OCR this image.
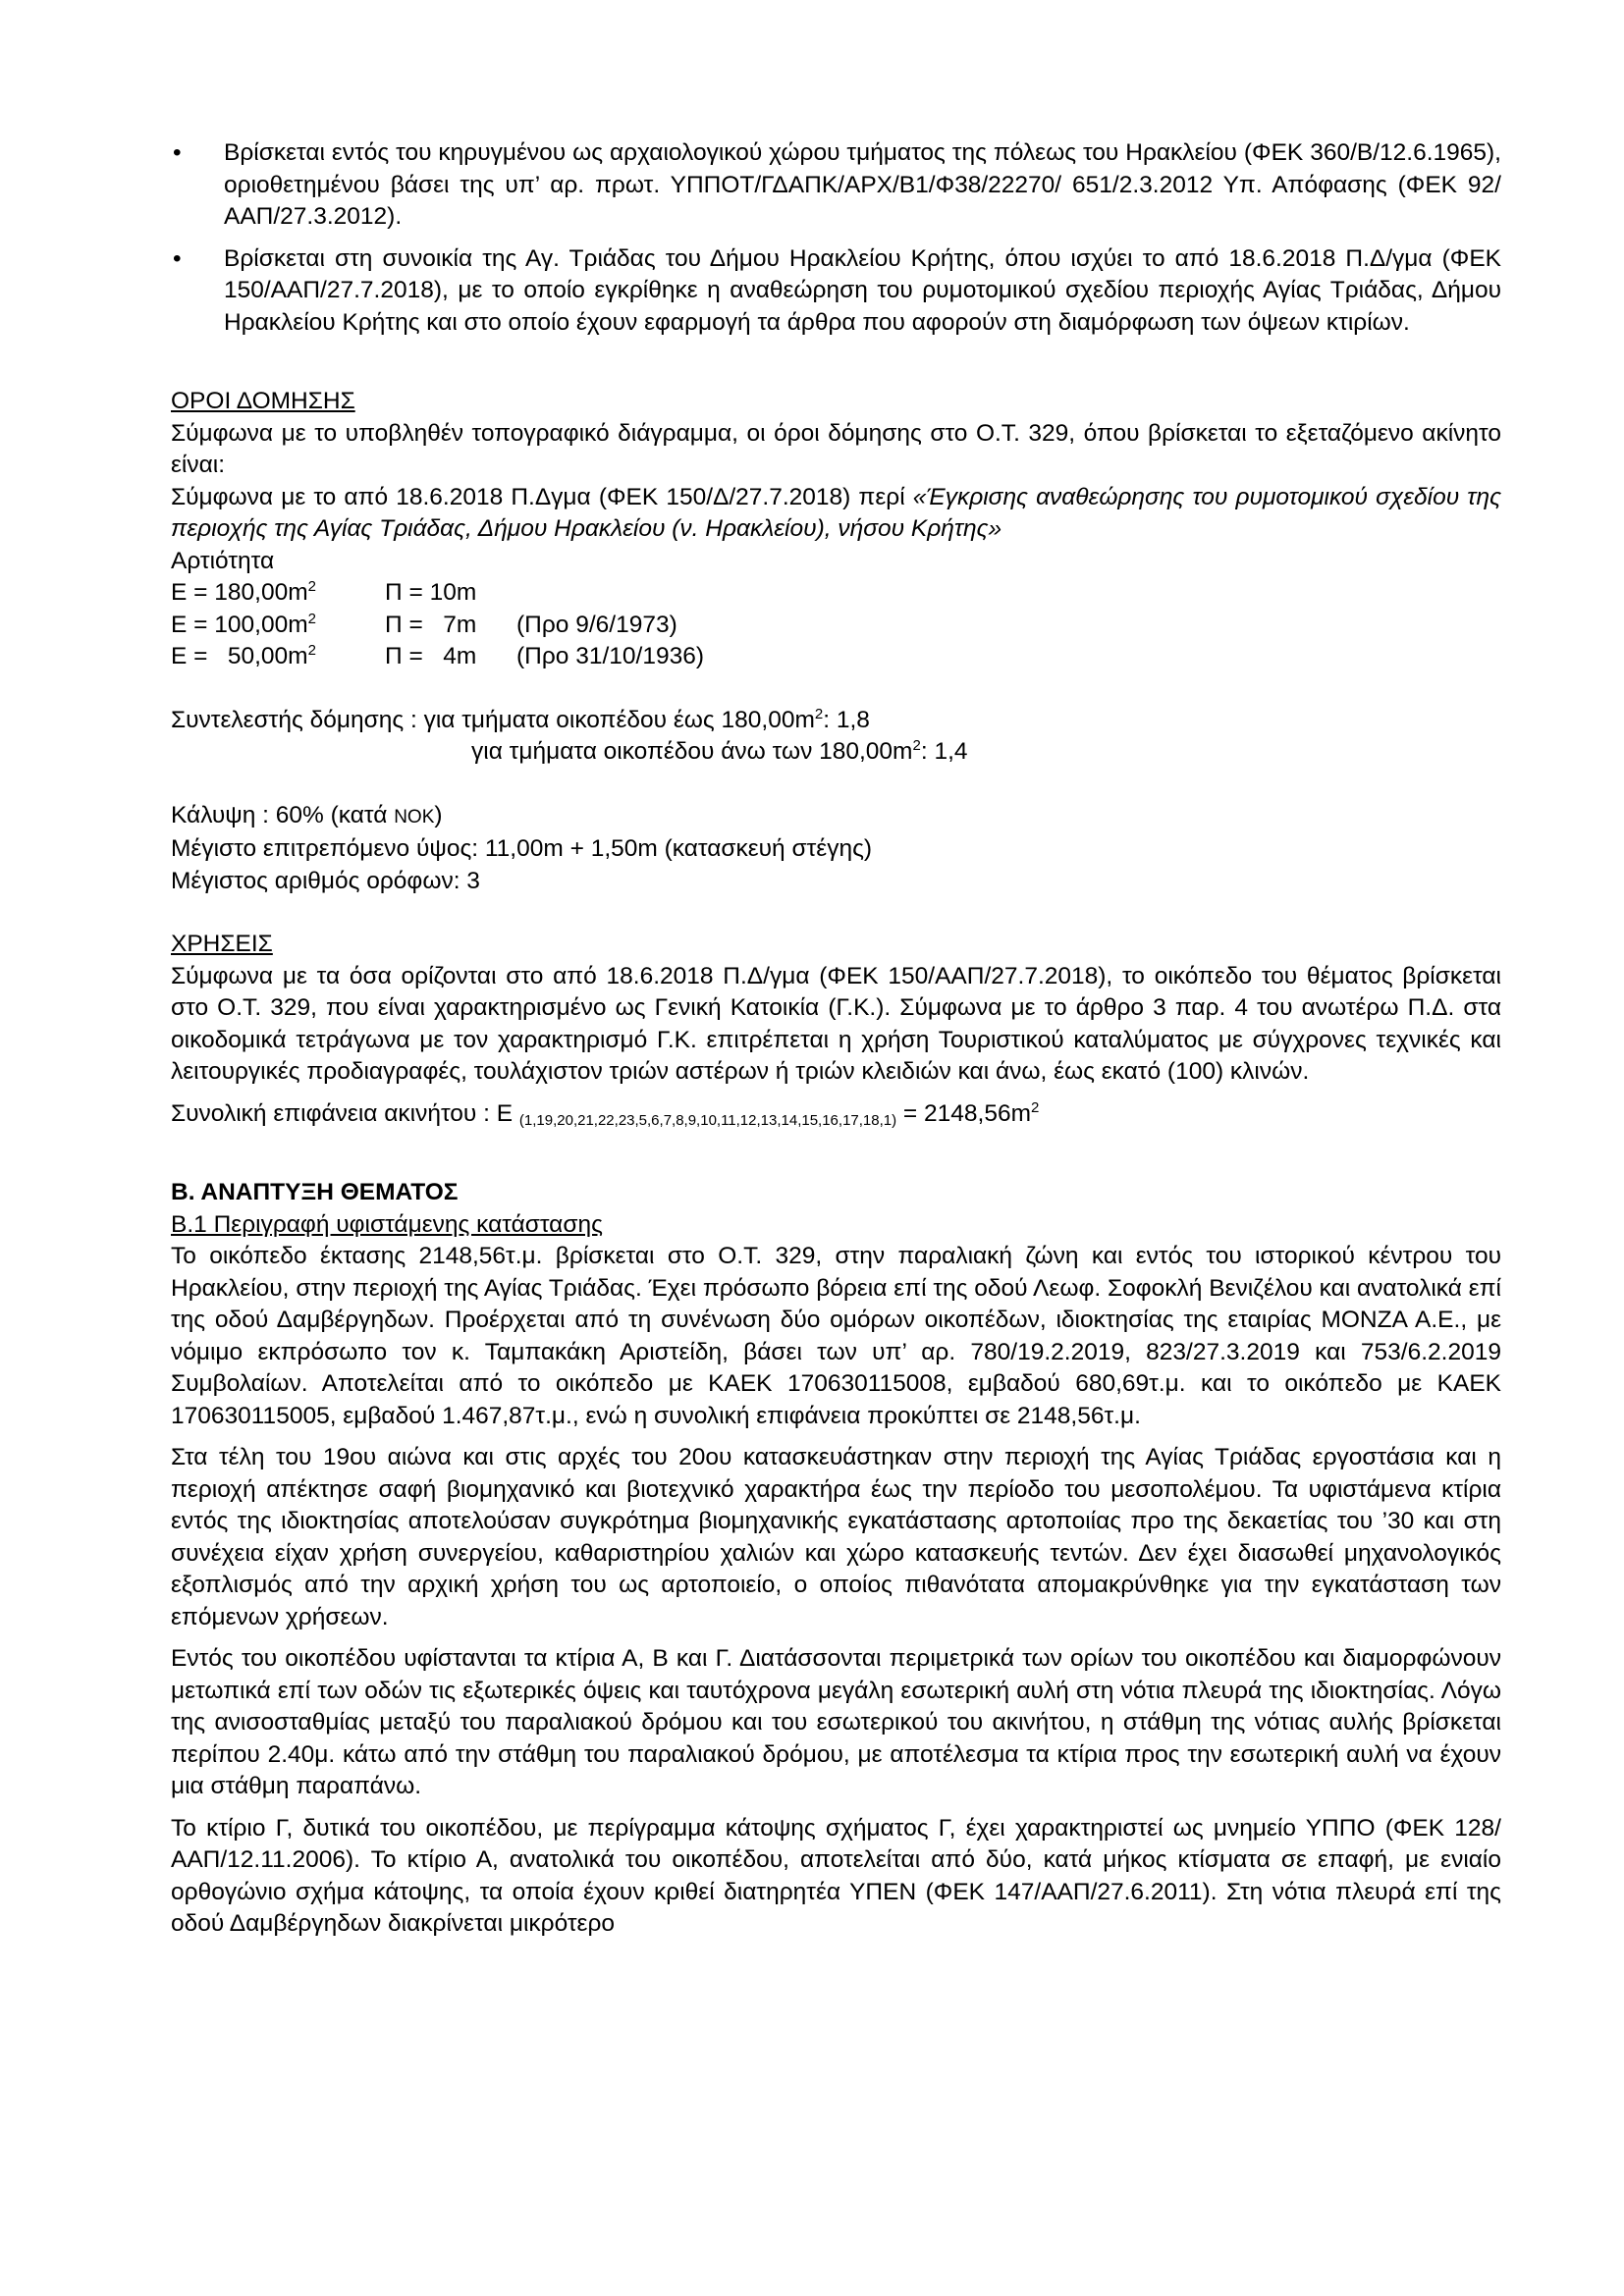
•	Βρίσκεται εντός του κηρυγμένου ως αρχαιολογικού χώρου τμήματος της πόλεως του Ηρακλείου (ΦΕΚ 360/Β/12.6.1965), οριοθετημένου βάσει της υπ’ αρ. πρωτ. ΥΠΠΟΤ/ΓΔΑΠΚ/ΑΡΧ/Β1/Φ38/22270/ 651/2.3.2012 Υπ. Απόφασης (ΦΕΚ 92/ΑΑΠ/27.3.2012).

•	Βρίσκεται στη συνοικία της Αγ. Τριάδας του Δήμου Ηρακλείου Κρήτης, όπου ισχύει το από 18.6.2018 Π.Δ/γμα (ΦΕΚ 150/ΑΑΠ/27.7.2018), με το οποίο εγκρίθηκε η αναθεώρηση του ρυμοτομικού σχεδίου περιοχής Αγίας Τριάδας, Δήμου Ηρακλείου Κρήτης και στο οποίο έχουν εφαρμογή τα άρθρα που αφορούν στη διαμόρφωση των όψεων κτιρίων.

ΟΡΟΙ ΔΟΜΗΣΗΣ

Σύμφωνα με το υποβληθέν τοπογραφικό διάγραμμα, οι όροι δόμησης στο Ο.Τ. 329, όπου βρίσκεται το εξεταζόμενο ακίνητο είναι:

Σύμφωνα με το από 18.6.2018 Π.Δγμα (ΦΕΚ 150/Δ/27.7.2018) περί «Έγκρισης αναθεώρησης του ρυμοτομικού σχεδίου της περιοχής της Αγίας Τριάδας, Δήμου Ηρακλείου (ν. Ηρακλείου), νήσου Κρήτης»

Αρτιότητα

$E = 180,00m^2$	Π = 10m
$E = 100,00m^2$	Π =   7m (Προ 9/6/1973)
$E = 50,00m^2$	Π =   4m (Προ 31/10/1936)

Συντελεστής δόμησης : για τμήματα οικοπέδου έως $180,00m^2$: 1,8

για τμήματα οικοπέδου άνω των $180,00m^2$: 1,4

Κάλυψη : 60% (κατά ΝΟΚ)

Μέγιστο επιτρεπόμενο ύψος: 11,00m + 1,50m (κατασκευή στέγης)

Μέγιστος αριθμός ορόφων: 3

ΧΡΗΣΕΙΣ

Σύμφωνα με τα όσα ορίζονται στο από 18.6.2018 Π.Δ/γμα (ΦΕΚ 150/ΑΑΠ/27.7.2018), το οικόπεδο του θέματος βρίσκεται στο Ο.Τ. 329, που είναι χαρακτηρισμένο ως Γενική Κατοικία (Γ.Κ.). Σύμφωνα με το άρθρο 3 παρ. 4 του ανωτέρω Π.Δ. στα οικοδομικά τετράγωνα με τον χαρακτηρισμό Γ.Κ. επιτρέπεται η χρήση Τουριστικού καταλύματος με σύγχρονες τεχνικές και λειτουργικές προδιαγραφές, τουλάχιστον τριών αστέρων ή τριών κλειδιών και άνω, έως εκατό (100) κλινών.

Συνολική επιφάνεια ακινήτου : Ε $_{(1,19,20,21,22,23,5,6,7,8,9,10,11,12,13,14,15,16,17,18,1)} = 2148,56m^2$

Β. ΑΝΑΠΤΥΞΗ ΘΕΜΑΤΟΣ

Β.1 Περιγραφή υφιστάμενης κατάστασης

Το οικόπεδο έκτασης 2148,56τ.μ. βρίσκεται στο Ο.Τ. 329, στην παραλιακή ζώνη και εντός του ιστορικού κέντρου του Ηρακλείου, στην περιοχή της Αγίας Τριάδας. Έχει πρόσωπο βόρεια επί της οδού Λεωφ. Σοφοκλή Βενιζέλου και ανατολικά επί της οδού Δαμβέργηδων. Προέρχεται από τη συνένωση δύο ομόρων οικοπέδων, ιδιοκτησίας της εταιρίας ΜΟΝΖΑ Α.Ε., με νόμιμο εκπρόσωπο τον κ. Ταμπακάκη Αριστείδη, βάσει των υπ’ αρ. 780/19.2.2019, 823/27.3.2019 και 753/6.2.2019 Συμβολαίων. Αποτελείται από το οικόπεδο με ΚΑΕΚ 170630115008, εμβαδού 680,69τ.μ. και το οικόπεδο με ΚΑΕΚ 170630115005, εμβαδού 1.467,87τ.μ., ενώ η συνολική επιφάνεια προκύπτει σε 2148,56τ.μ.

Στα τέλη του 19ου αιώνα και στις αρχές του 20ου κατασκευάστηκαν στην περιοχή της Αγίας Τριάδας εργοστάσια και η περιοχή απέκτησε σαφή βιομηχανικό και βιοτεχνικό χαρακτήρα έως την περίοδο του μεσοπολέμου. Τα υφιστάμενα κτίρια εντός της ιδιοκτησίας αποτελούσαν συγκρότημα βιομηχανικής εγκατάστασης αρτοποιίας προ της δεκαετίας του ’30 και στη συνέχεια είχαν χρήση συνεργείου, καθαριστηρίου χαλιών και χώρο κατασκευής τεντών. Δεν έχει διασωθεί μηχανολογικός εξοπλισμός από την αρχική χρήση του ως αρτοποιείο, ο οποίος πιθανότατα απομακρύνθηκε για την εγκατάσταση των επόμενων χρήσεων.

Εντός του οικοπέδου υφίστανται τα κτίρια Α, Β και Γ. Διατάσσονται περιμετρικά των ορίων του οικοπέδου και διαμορφώνουν μετωπικά επί των οδών τις εξωτερικές όψεις και ταυτόχρονα μεγάλη εσωτερική αυλή στη νότια πλευρά της ιδιοκτησίας. Λόγω της ανισοσταθμίας μεταξύ του παραλιακού δρόμου και του εσωτερικού του ακινήτου, η στάθμη της νότιας αυλής βρίσκεται περίπου 2.40μ. κάτω από την στάθμη του παραλιακού δρόμου, με αποτέλεσμα τα κτίρια προς την εσωτερική αυλή να έχουν μια στάθμη παραπάνω.

Το κτίριο Γ, δυτικά του οικοπέδου, με περίγραμμα κάτοψης σχήματος Γ, έχει χαρακτηριστεί ως μνημείο ΥΠΠΟ (ΦΕΚ 128/ΑΑΠ/12.11.2006). Το κτίριο Α, ανατολικά του οικοπέδου, αποτελείται από δύο, κατά μήκος κτίσματα σε επαφή, με ενιαίο ορθογώνιο σχήμα κάτοψης, τα οποία έχουν κριθεί διατηρητέα ΥΠΕΝ (ΦΕΚ 147/ΑΑΠ/27.6.2011). Στη νότια πλευρά επί της οδού Δαμβέργηδων διακρίνεται μικρότερο
